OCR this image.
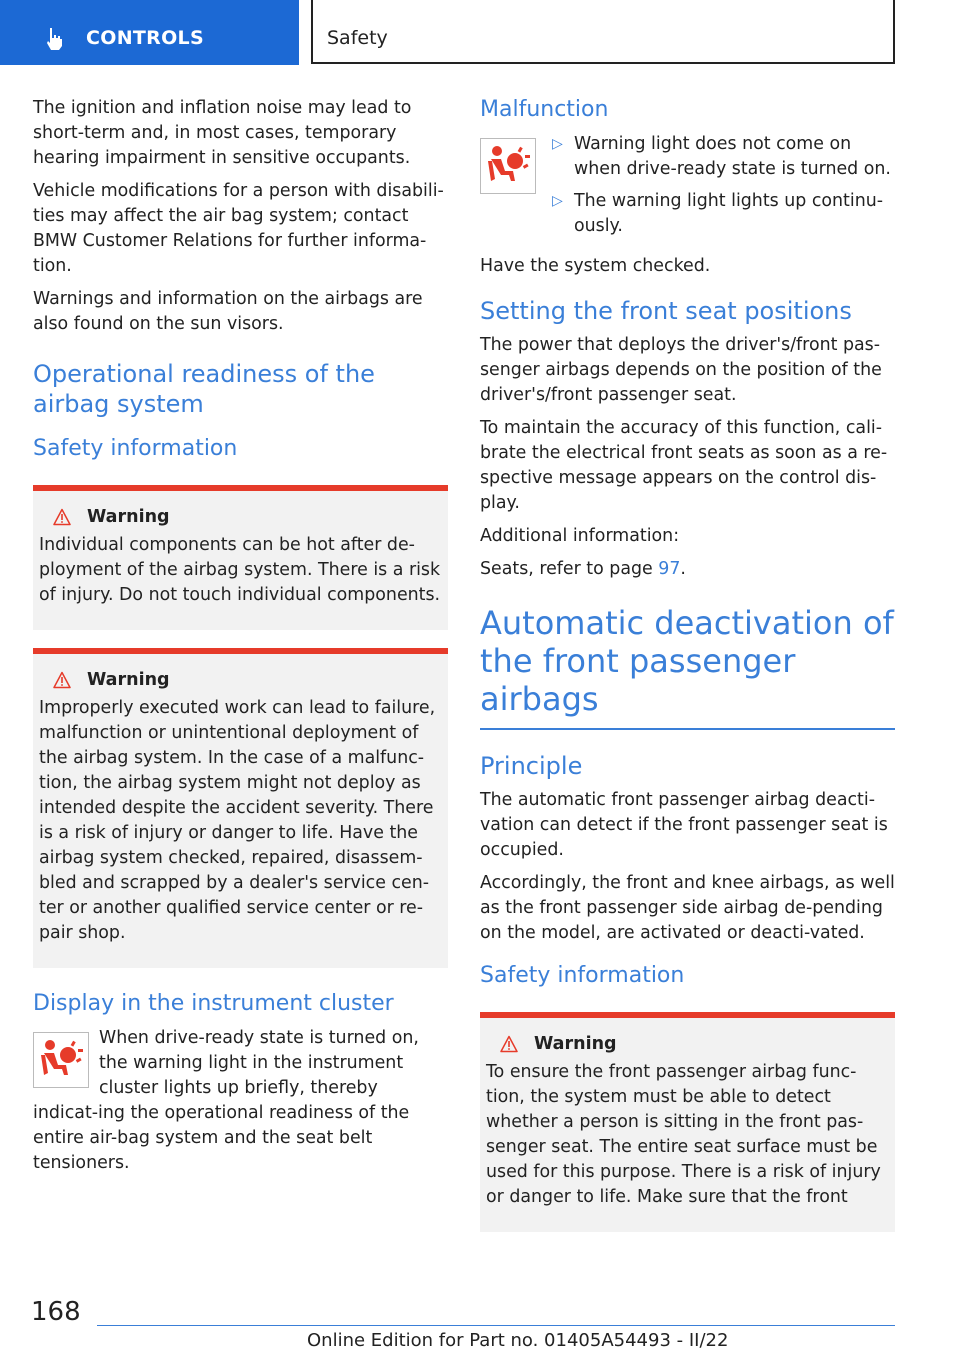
CONTROLS	Safety

The ignition and inflation noise may lead to short-term and, in most cases, temporary hearing impairment in sensitive occupants.

Vehicle modifications for a person with disabili-ties may affect the air bag system; contact BMW Customer Relations for further informa-tion.

Warnings and information on the airbags are also found on the sun visors.

Operational readiness of the airbag system
Safety information
Warning

Individual components can be hot after de-ployment of the airbag system. There is a risk of injury. Do not touch individual components.

Warning

Improperly executed work can lead to failure, malfunction or unintentional deployment of the airbag system. In the case of a malfunc-tion, the airbag system might not deploy as intended despite the accident severity. There is a risk of injury or danger to life. Have the airbag system checked, repaired, disassem-bled and scrapped by a dealer's service cen-ter or another qualified service center or re-pair shop.

Display in the instrument cluster

When drive-ready state is turned on, the warning light in the instrument cluster lights up briefly, thereby indicat-ing the operational readiness of the entire air-bag system and the seat belt tensioners.

Malfunction
▷ Warning light does not come on when drive-ready state is turned on.
▷ The warning light lights up continu-ously.

Have the system checked.

Setting the front seat positions

The power that deploys the driver's/front pas-senger airbags depends on the position of the driver's/front passenger seat.

To maintain the accuracy of this function, cali-brate the electrical front seats as soon as a re-spective message appears on the control dis-play.

Additional information:

Seats, refer to page 97.

Automatic deactivation of the front passenger airbags
Principle

The automatic front passenger airbag deacti-vation can detect if the front passenger seat is occupied.

Accordingly, the front and knee airbags, as well as the front passenger side airbag de-pending on the model, are activated or deacti-vated.

Safety information
Warning

To ensure the front passenger airbag func-tion, the system must be able to detect whether a person is sitting in the front pas-senger seat. The entire seat surface must be used for this purpose. There is a risk of injury or danger to life. Make sure that the front

168
Online Edition for Part no. 01405A54493 - II/22
